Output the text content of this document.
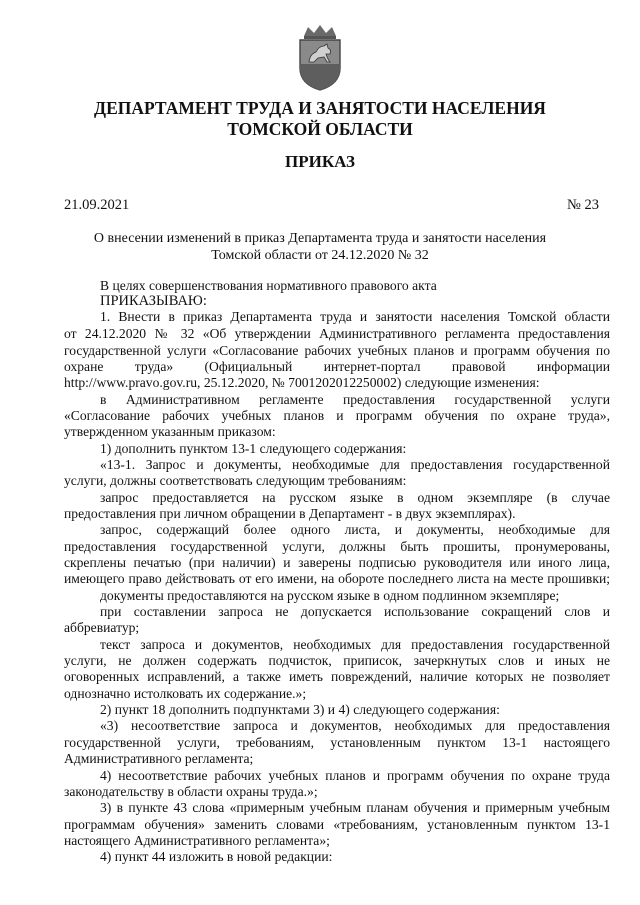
ДЕПАРТАМЕНТ ТРУДА И ЗАНЯТОСТИ НАСЕЛЕНИЯ
ТОМСКОЙ ОБЛАСТИ
ПРИКАЗ
21.09.2021	№ 23
О внесении изменений в приказ Департамента труда и занятости населения
Томской области от 24.12.2020 № 32
В целях совершенствования нормативного правового акта
ПРИКАЗЫВАЮ:
1. Внести в приказ Департамента труда и занятости населения Томской области
от 24.12.2020 № 32 «Об утверждении Административного регламента предоставления
государственной услуги «Согласование рабочих учебных планов и программ обучения по
охране труда» (Официальный интернет-портал правовой информации
http://www.pravo.gov.ru, 25.12.2020, № 7001202012250002) следующие изменения:
в Административном регламенте предоставления государственной услуги
«Согласование рабочих учебных планов и программ обучения по охране труда»,
утвержденном указанным приказом:
1) дополнить пунктом 13-1 следующего содержания:
«13-1. Запрос и документы, необходимые для предоставления государственной
услуги, должны соответствовать следующим требованиям:
запрос предоставляется на русском языке в одном экземпляре (в случае
предоставления при личном обращении в Департамент - в двух экземплярах).
запрос, содержащий более одного листа, и документы, необходимые для
предоставления государственной услуги, должны быть прошиты, пронумерованы,
скреплены печатью (при наличии) и заверены подписью руководителя или иного лица,
имеющего право действовать от его имени, на обороте последнего листа на месте прошивки;
документы предоставляются на русском языке в одном подлинном экземпляре;
при составлении запроса не допускается использование сокращений слов и
аббревиатур;
текст запроса и документов, необходимых для предоставления государственной
услуги, не должен содержать подчисток, приписок, зачеркнутых слов и иных не
оговоренных исправлений, а также иметь повреждений, наличие которых не позволяет
однозначно истолковать их содержание.»;
2) пункт 18 дополнить подпунктами 3) и 4) следующего содержания:
«3) несоответствие запроса и документов, необходимых для предоставления
государственной услуги, требованиям, установленным пунктом 13-1 настоящего
Административного регламента;
4) несоответствие рабочих учебных планов и программ обучения по охране труда
законодательству в области охраны труда.»;
3) в пункте 43 слова «примерным учебным планам обучения и примерным учебным
программам обучения» заменить словами «требованиям, установленным пунктом 13-1
настоящего Административного регламента»;
4) пункт 44 изложить в новой редакции:
